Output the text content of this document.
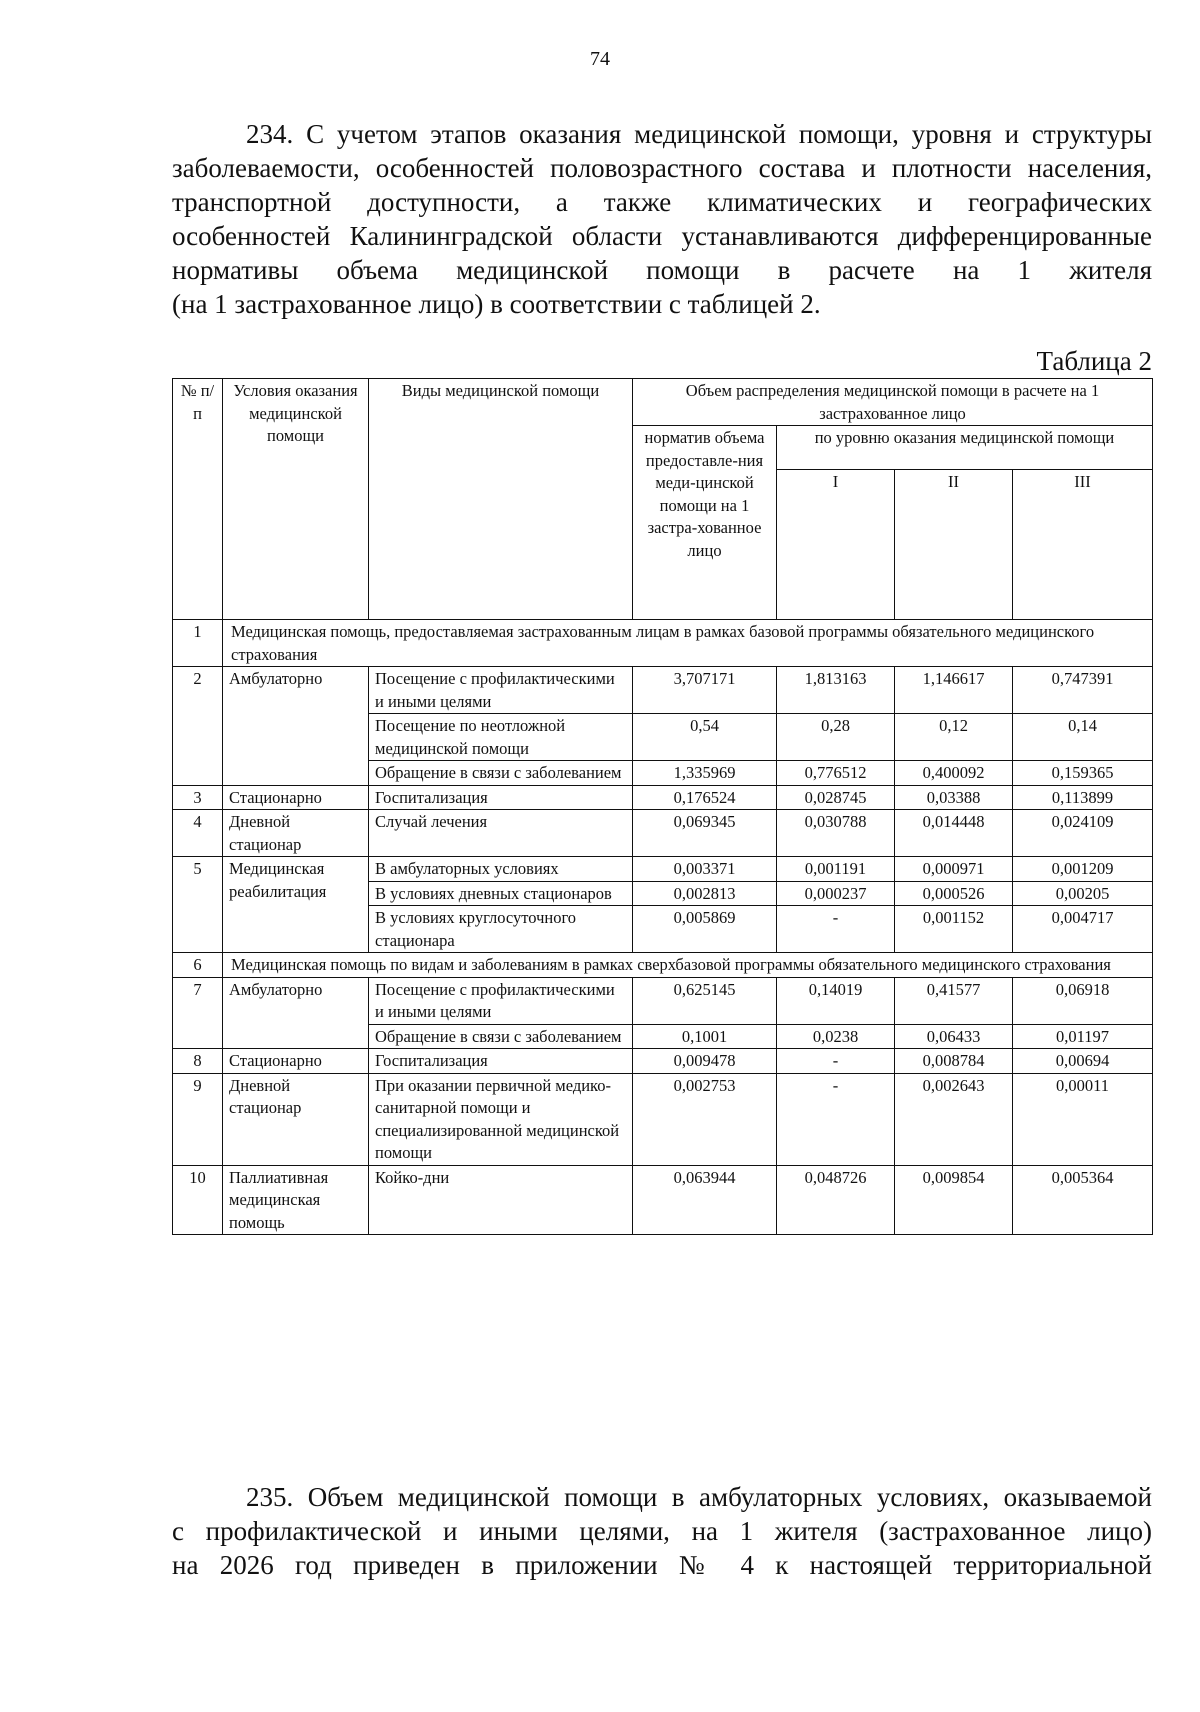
74
234. С учетом этапов оказания медицинской помощи, уровня и структуры
заболеваемости, особенностей половозрастного состава и плотности населения,
транспортной доступности, а также климатических и географических
особенностей Калининградской области устанавливаются дифференцированные
нормативы объема медицинской помощи в расчете на 1 жителя
(на 1 застрахованное лицо) в соответствии с таблицей 2.
Таблица 2
№ п/п	Условия оказания медицинской помощи	Виды медицинской помощи	Объем распределения медицинской помощи в расчете на 1 застрахованное лицо			
			норматив объема предоставле-ния меди-цинской помощи на 1 застра-хованное лицо	по уровню оказания медицинской помощи		
				I	II	III
1	Медицинская помощь, предоставляемая застрахованным лицам в рамках базовой программы обязательного медицинского страхования					
2	Амбулаторно	Посещение с профилактическими и иными целями	3,707171	1,813163	1,146617	0,747391
		Посещение по неотложной медицинской помощи	0,54	0,28	0,12	0,14
		Обращение в связи с заболеванием	1,335969	0,776512	0,400092	0,159365
3	Стационарно	Госпитализация	0,176524	0,028745	0,03388	0,113899
4	Дневной стационар	Случай лечения	0,069345	0,030788	0,014448	0,024109
5	Медицинская реабилитация	В амбулаторных условиях	0,003371	0,001191	0,000971	0,001209
		В условиях дневных стационаров	0,002813	0,000237	0,000526	0,00205
		В условиях круглосуточного стационара	0,005869	-	0,001152	0,004717
6	Медицинская помощь по видам и заболеваниям в рамках сверхбазовой программы обязательного медицинского страхования					
7	Амбулаторно	Посещение с профилактическими и иными целями	0,625145	0,14019	0,41577	0,06918
		Обращение в связи с заболеванием	0,1001	0,0238	0,06433	0,01197
8	Стационарно	Госпитализация	0,009478	-	0,008784	0,00694
9	Дневной стационар	При оказании первичной медико-санитарной помощи и специализированной медицинской помощи	0,002753	-	0,002643	0,00011
10	Паллиативная медицинская помощь	Койко-дни	0,063944	0,048726	0,009854	0,005364
235. Объем медицинской помощи в амбулаторных условиях, оказываемой
с профилактической и иными целями, на 1 жителя (застрахованное лицо)
на 2026 год приведен в приложении № 4 к настоящей территориальной
